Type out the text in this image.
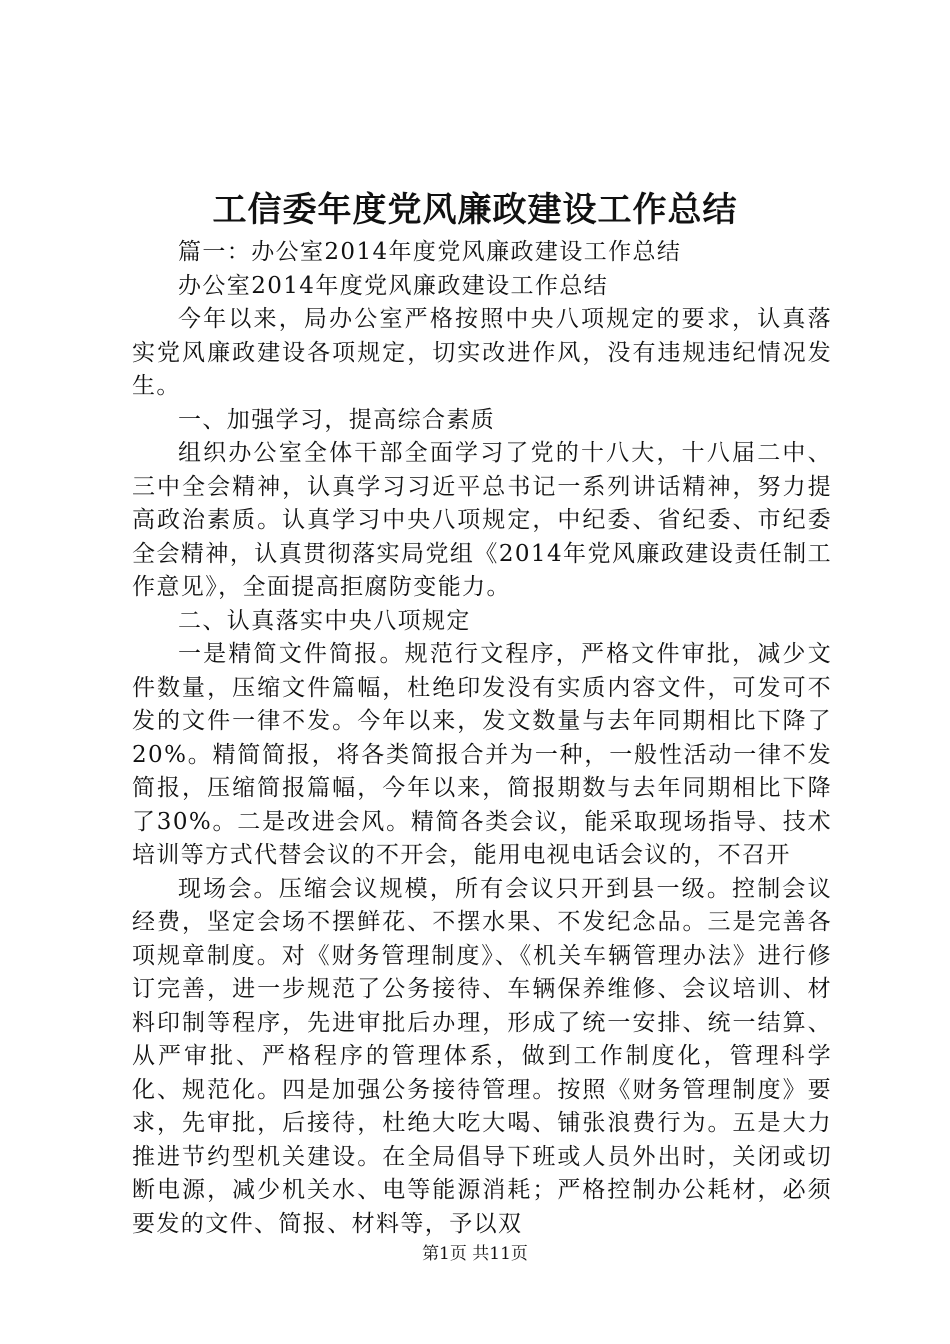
工信委年度党风廉政建设工作总结

篇一：办公室2014年度党风廉政建设工作总结

办公室2014年度党风廉政建设工作总结

今年以来，局办公室严格按照中央八项规定的要求，认真落实党风廉政建设各项规定，切实改进作风，没有违规违纪情况发生。

一、加强学习，提高综合素质

组织办公室全体干部全面学习了党的十八大，十八届二中、三中全会精神，认真学习习近平总书记一系列讲话精神，努力提高政治素质。认真学习中央八项规定，中纪委、省纪委、市纪委全会精神，认真贯彻落实局党组《2014年党风廉政建设责任制工作意见》，全面提高拒腐防变能力。

二、认真落实中央八项规定

一是精简文件简报。规范行文程序，严格文件审批，减少文件数量，压缩文件篇幅，杜绝印发没有实质内容文件，可发可不发的文件一律不发。今年以来，发文数量与去年同期相比下降了20%。精简简报，将各类简报合并为一种，一般性活动一律不发简报，压缩简报篇幅，今年以来，简报期数与去年同期相比下降了30%。二是改进会风。精简各类会议，能采取现场指导、技术培训等方式代替会议的不开会，能用电视电话会议的，不召开

现场会。压缩会议规模，所有会议只开到县一级。控制会议经费，坚定会场不摆鲜花、不摆水果、不发纪念品。三是完善各项规章制度。对《财务管理制度》、《机关车辆管理办法》进行修订完善，进一步规范了公务接待、车辆保养维修、会议培训、材料印制等程序，先进审批后办理，形成了统一安排、统一结算、从严审批、严格程序的管理体系，做到工作制度化，管理科学化、规范化。四是加强公务接待管理。按照《财务管理制度》要求，先审批，后接待，杜绝大吃大喝、铺张浪费行为。五是大力推进节约型机关建设。在全局倡导下班或人员外出时，关闭或切断电源，减少机关水、电等能源消耗；严格控制办公耗材，必须要发的文件、简报、材料等，予以双

第1页 共11页
